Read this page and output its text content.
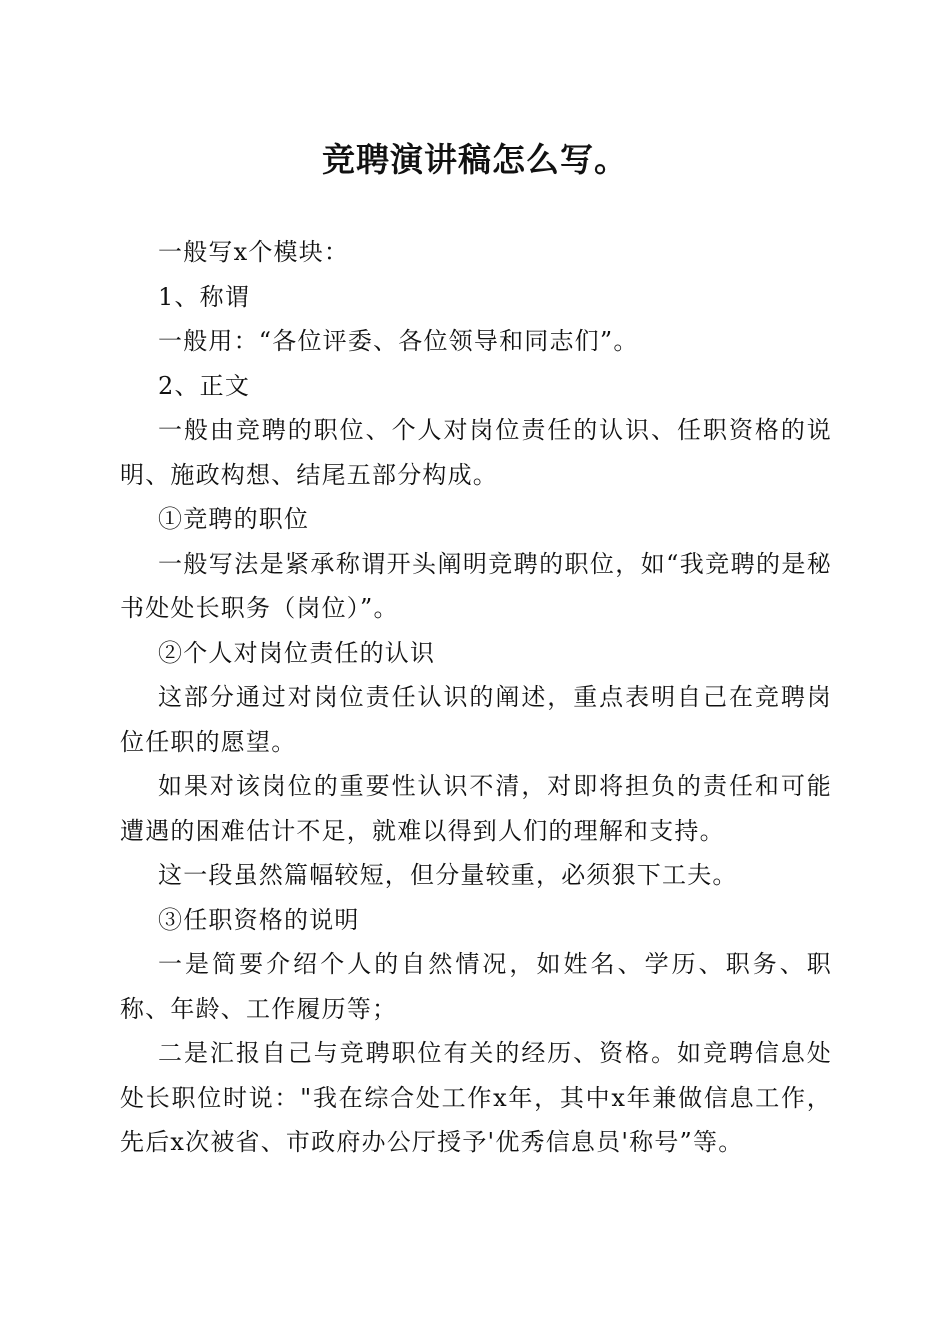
竞聘演讲稿怎么写。

一般写x个模块：

1、称谓

一般用：“各位评委、各位领导和同志们”。

2、正文

一般由竞聘的职位、个人对岗位责任的认识、任职资格的说明、施政构想、结尾五部分构成。

①竞聘的职位

一般写法是紧承称谓开头阐明竞聘的职位，如“我竞聘的是秘书处处长职务（岗位）”。

②个人对岗位责任的认识

这部分通过对岗位责任认识的阐述，重点表明自己在竞聘岗位任职的愿望。

如果对该岗位的重要性认识不清，对即将担负的责任和可能遭遇的困难估计不足，就难以得到人们的理解和支持。

这一段虽然篇幅较短，但分量较重，必须狠下工夫。

③任职资格的说明

一是简要介绍个人的自然情况，如姓名、学历、职务、职称、年龄、工作履历等；

二是汇报自己与竞聘职位有关的经历、资格。如竞聘信息处处长职位时说："我在综合处工作x年，其中x年兼做信息工作，先后x次被省、市政府办公厅授予'优秀信息员'称号”等。
